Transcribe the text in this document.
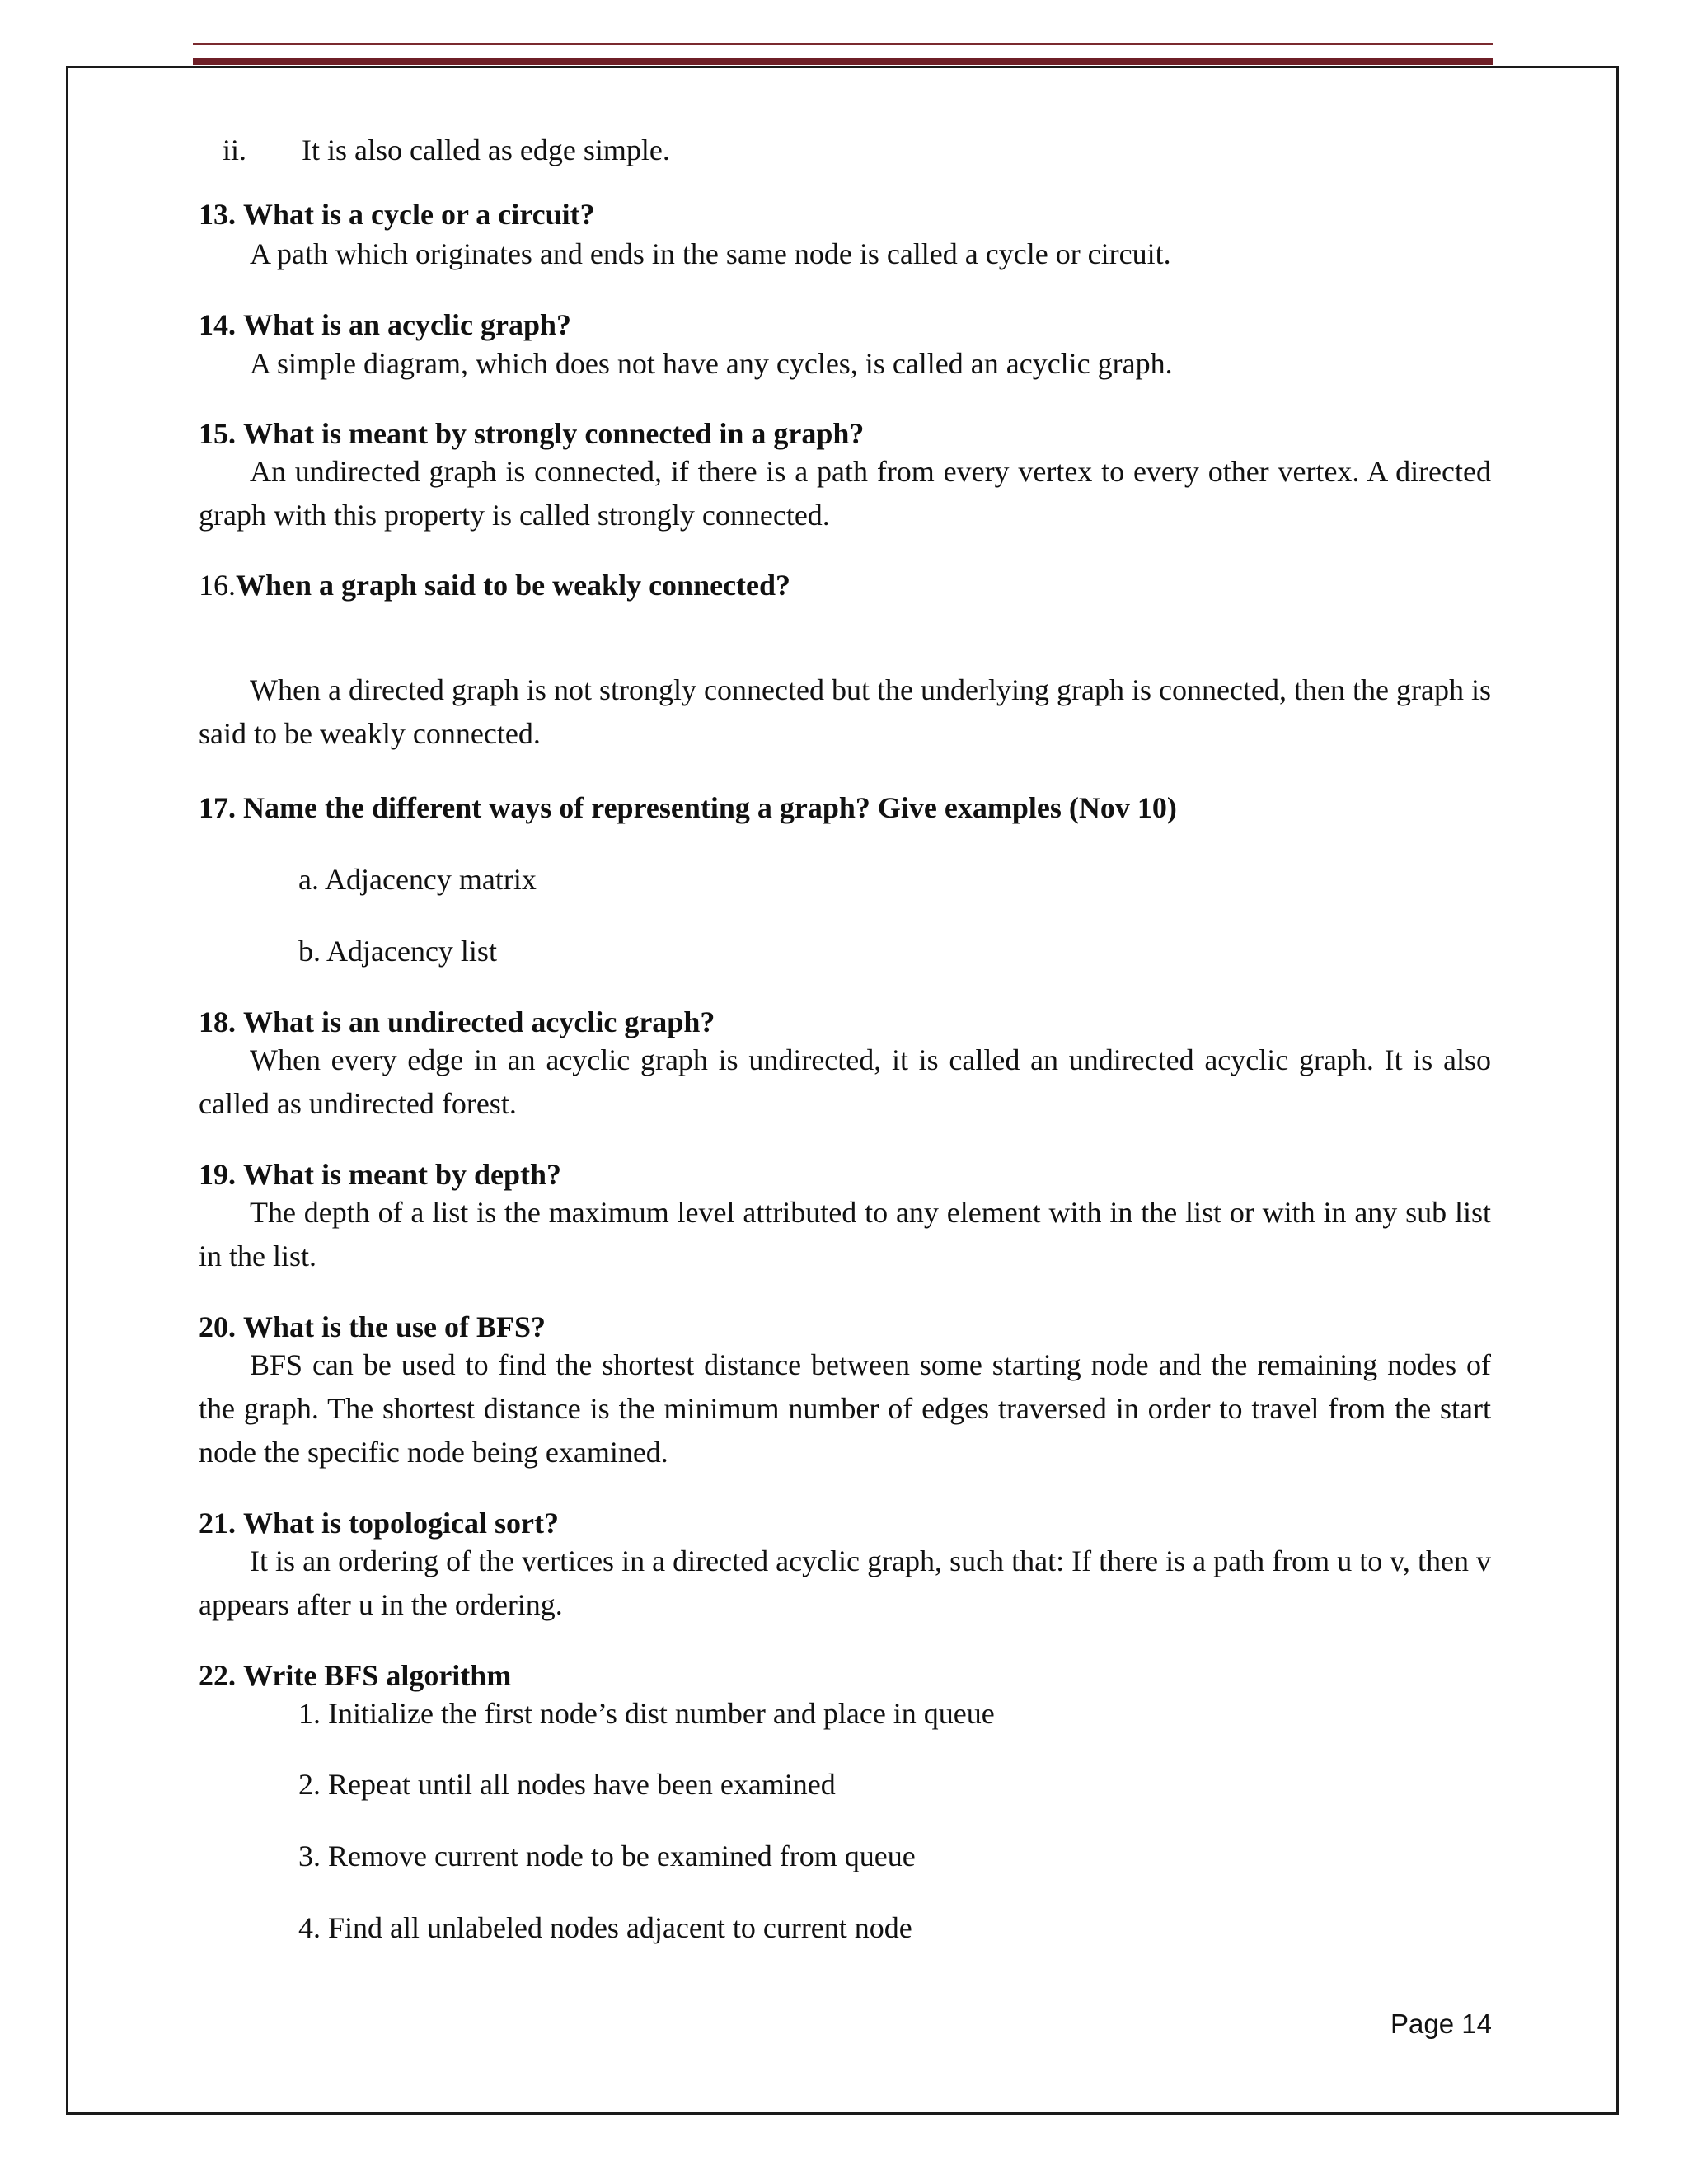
ii. It is also called as edge simple.
13. What is a cycle or a circuit?
A path which originates and ends in the same node is called a cycle or circuit.
14. What is an acyclic graph?
A simple diagram, which does not have any cycles, is called an acyclic graph.
15. What is meant by strongly connected in a graph?
An undirected graph is connected, if there is a path from every vertex to every other vertex. A directed graph with this property is called strongly connected.
16.When a graph said to be weakly connected?
When a directed graph is not strongly connected but the underlying graph is connected, then the graph is said to be weakly connected.
17. Name the different ways of representing a graph? Give examples (Nov 10)
a. Adjacency matrix
b. Adjacency list
18. What is an undirected acyclic graph?
When every edge in an acyclic graph is undirected, it is called an undirected acyclic graph. It is also called as undirected forest.
19. What is meant by depth?
The depth of a list is the maximum level attributed to any element with in the list or with in any sub list in the list.
20. What is the use of BFS?
BFS can be used to find the shortest distance between some starting node and the remaining nodes of the graph. The shortest distance is the minimum number of edges traversed in order to travel from the start node the specific node being examined.
21. What is topological sort?
It is an ordering of the vertices in a directed acyclic graph, such that: If there is a path from u to v, then v appears after u in the ordering.
22. Write BFS algorithm
1. Initialize the first node’s dist number and place in queue
2. Repeat until all nodes have been examined
3. Remove current node to be examined from queue
4. Find all unlabeled nodes adjacent to current node
Page 14
